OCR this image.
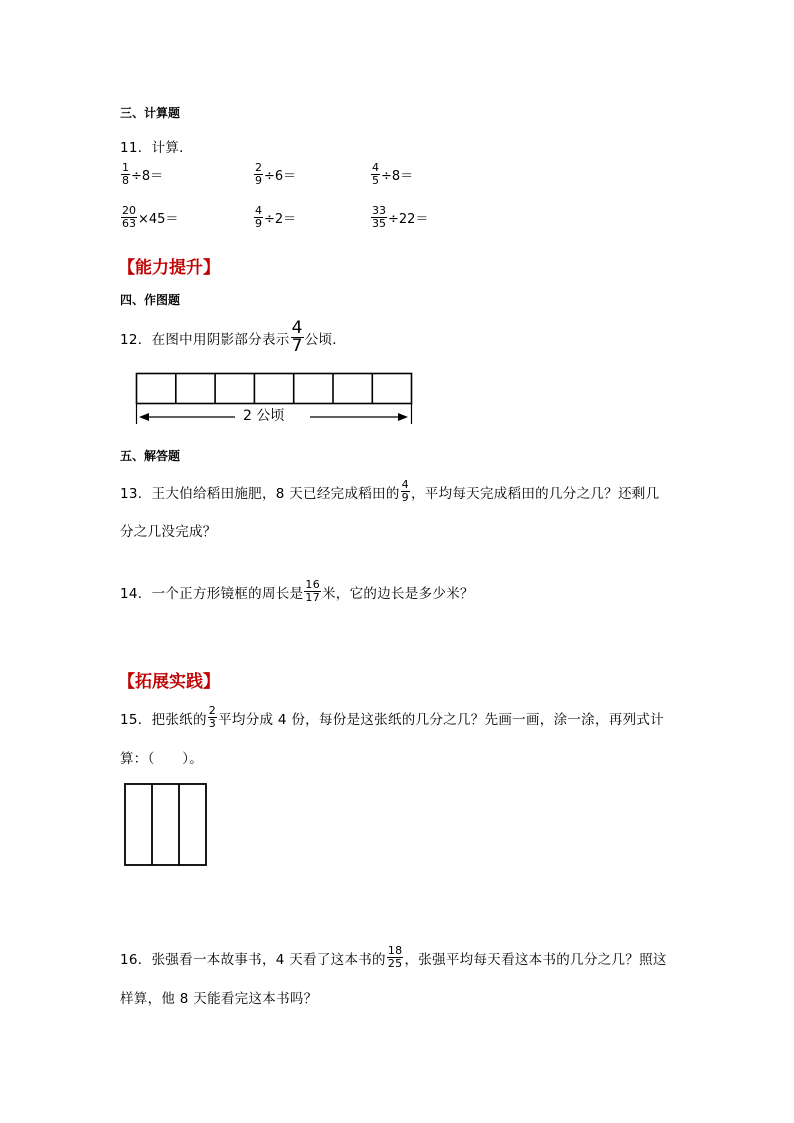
三、计算题
11．计算．
$\frac{1}{8} \div 8=$	$\frac{2}{9} \div 6=$	$\frac{4}{5} \div 8=$
$\frac{20}{63} \times 45=$	$\frac{4}{9} \div 2=$	$\frac{33}{35} \div 22=$
【能力提升】
四、作图题
12．在图中用阴影部分表示 $\frac{4}{7}$ 公顷．
2 公顷
五、解答题
13．王大伯给稻田施肥，8 天已经完成稻田的 $\frac{4}{9}$ ，平均每天完成稻田的几分之几？还剩几
分之几没完成？
14．一个正方形镜框的周长是 $\frac{16}{17}$ 米，它的边长是多少米？
【拓展实践】
15．把张纸的 $\frac{2}{3}$ 平均分成 4 份，每份是这张纸的几分之几？先画一画，涂一涂，再列式计
算：（　　）。
16．张强看一本故事书，4 天看了这本书的 $\frac{18}{25}$ ，张强平均每天看这本书的几分之几？照这
样算，他 8 天能看完这本书吗？
